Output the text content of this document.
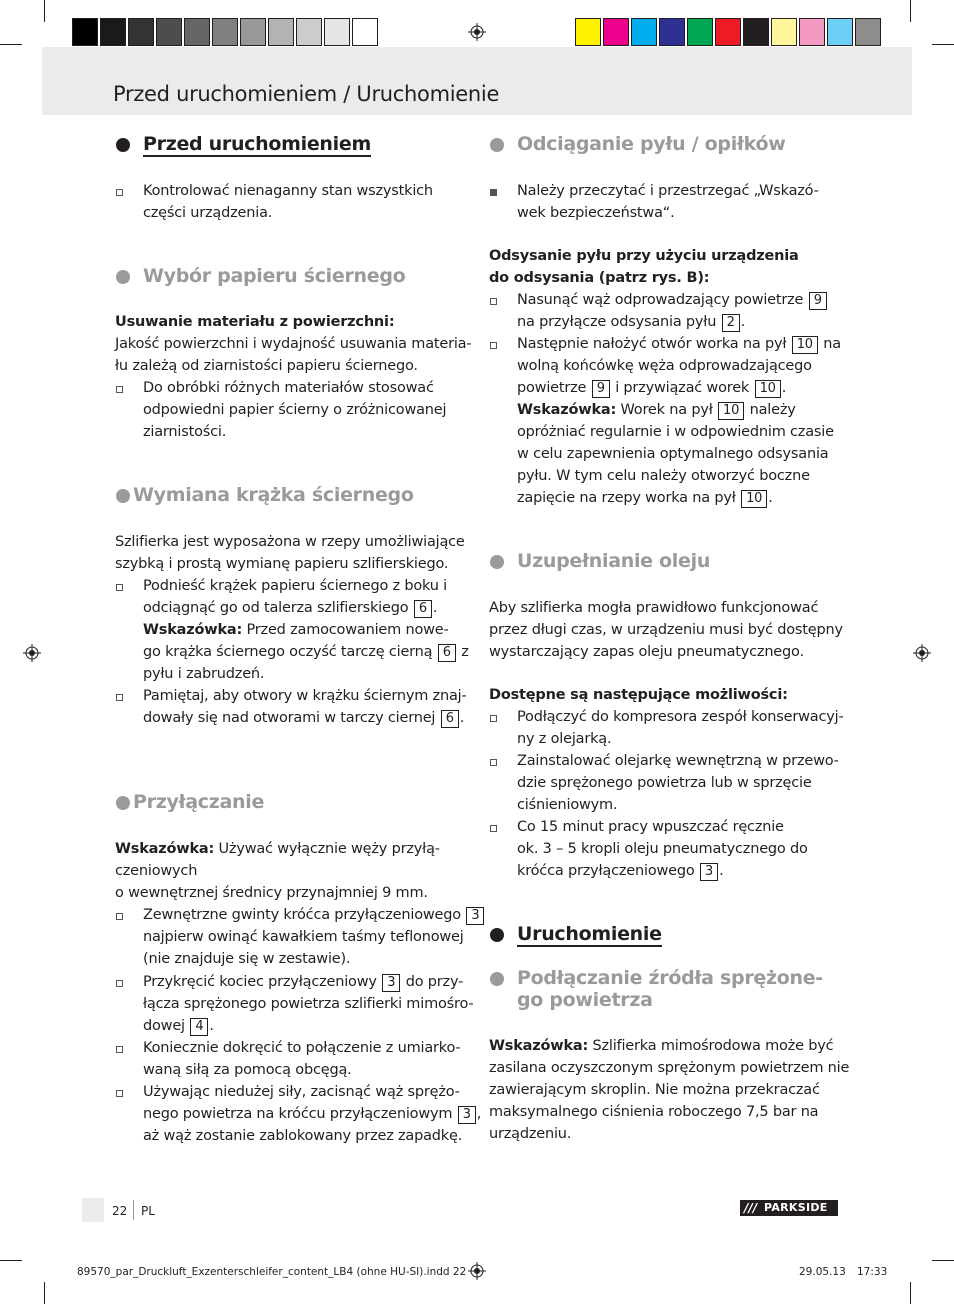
Przed uruchomieniem / Uruchomienie
Przed uruchomieniem
Kontrolować nienaganny stan wszystkich
części urządzenia.
Wybór papieru ściernego
Usuwanie materiału z powierzchni:
Jakość powierzchni i wydajność usuwania materia-
łu zależą od ziarnistości papieru ściernego.
Do obróbki różnych materiałów stosować
odpowiedni papier ścierny o zróżnicowanej
ziarnistości.
Wymiana krążka ściernego
Szlifierka jest wyposażona w rzepy umożliwiające
szybką i prostą wymianę papieru szlifierskiego.
Podnieść krążek papieru ściernego z boku i
odciągnąć go od talerza szlifierskiego 6 .
Wskazówka: Przed zamocowaniem nowe-
go krążka ściernego oczyść tarczę cierną 6 z
pyłu i zabrudzeń.
Pamiętaj, aby otwory w krążku ściernym znaj-
dowały się nad otworami w tarczy ciernej 6 .
Przyłączanie
Wskazówka: Używać wyłącznie węży przyłą-
czeniowych
o wewnętrznej średnicy przynajmniej 9 mm.
Zewnętrzne gwinty króćca przyłączeniowego 3
najpierw owinąć kawałkiem taśmy teflonowej
(nie znajduje się w zestawie).
Przykręcić kociec przyłączeniowy 3 do przy-
łącza sprężonego powietrza szlifierki mimośro-
dowej 4 .
Koniecznie dokręcić to połączenie z umiarko-
waną siłą za pomocą obcęgą.
Używając niedużej siły, zacisnąć wąż sprężo-
nego powietrza na króćcu przyłączeniowym 3 ,
aż wąż zostanie zablokowany przez zapadkę.
Odciąganie pyłu / opiłków
Należy przeczytać i przestrzegać „Wskazó-
wek bezpieczeństwa“.
Odsysanie pyłu przy użyciu urządzenia
do odsysania (patrz rys. B):
Nasunąć wąż odprowadzający powietrze 9
na przyłącze odsysania pyłu 2 .
Następnie nałożyć otwór worka na pył 10 na
wolną końcówkę węża odprowadzającego
powietrze 9 i przywiązać worek 10 .
Wskazówka: Worek na pył 10 należy
opróżniać regularnie i w odpowiednim czasie
w celu zapewnienia optymalnego odsysania
pyłu. W tym celu należy otworzyć boczne
zapięcie na rzepy worka na pył 10 .
Uzupełnianie oleju
Aby szlifierka mogła prawidłowo funkcjonować
przez długi czas, w urządzeniu musi być dostępny
wystarczający zapas oleju pneumatycznego.
Dostępne są następujące możliwości:
Podłączyć do kompresora zespół konserwacyj-
ny z olejarką.
Zainstalować olejarkę wewnętrzną w przewo-
dzie sprężonego powietrza lub w sprzęcie
ciśnieniowym.
Co 15 minut pracy wpuszczać ręcznie
ok. 3 – 5 kropli oleju pneumatycznego do
króćca przyłączeniowego 3 .
Uruchomienie
Podłączanie źródła sprężone-
go powietrza
Wskazówka: Szlifierka mimośrodowa może być
zasilana oczyszczonym sprężonym powietrzem nie
zawierającym skroplin. Nie można przekraczać
maksymalnego ciśnienia roboczego 7,5 bar na
urządzeniu.
22 PL	/// PARKSIDE
89570_par_Druckluft_Exzenterschleifer_content_LB4 (ohne HU-SI).indd 22	29.05.13 17:33
